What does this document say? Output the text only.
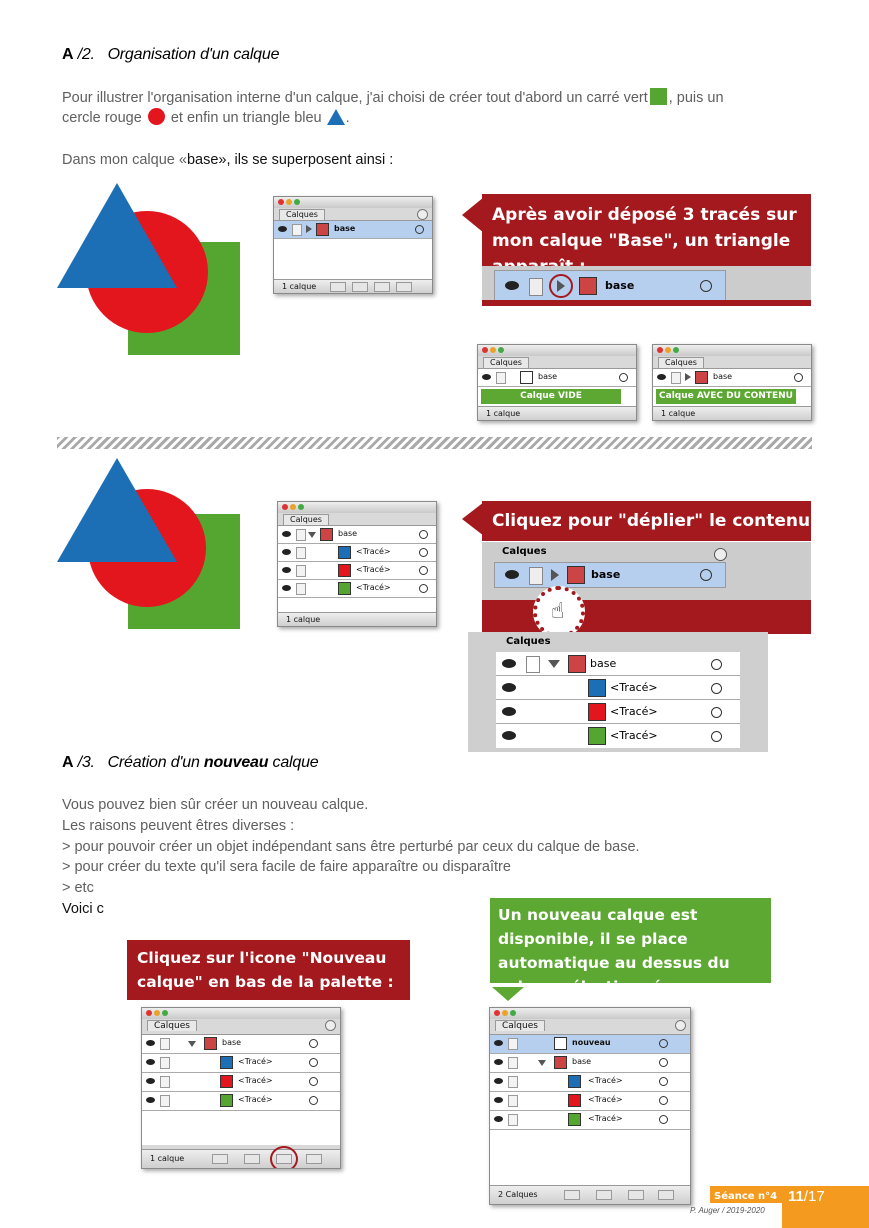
A /2. Organisation d'un calque
Pour illustrer l'organisation interne d'un calque, j'ai choisi de créer tout d'abord un carré vert , puis un
cercle rouge et enfin un triangle bleu .
Dans mon calque «base», ils se superposent ainsi :
Calques
base
1 calque
Après avoir déposé 3 tracés sur mon calque "Base", un triangle
base
Calques
base
Calque VIDE
1 calque
Calques
base
Calque AVEC DU CONTENU
1 calque
Calques
base
<Tracé>
<Tracé>
<Tracé>
1 calque
Cliquez pour "déplier" le contenu
Calques
base
☝
Calques
base
<Tracé>
<Tracé>
<Tracé>
A /3. Création d'un nouveau calque
Vous pouvez bien sûr créer un nouveau calque.
Les raisons peuvent êtres diverses :
> pour pouvoir créer un objet indépendant sans être perturbé par ceux du calque de base.
> pour créer du texte qu'il sera facile de faire apparaître ou disparaître
> etc
Voici c	Un nouveau calque est disponible, il se place automatique au dessus du calque sélectionné.
Cliquez sur l'icone "Nouveau calque" en bas de la palette :
Calques
base
<Tracé>
<Tracé>
<Tracé>
1 calque
Calques
nouveau
base
<Tracé>
<Tracé>
<Tracé>
2 Calques	Séance n°4 11/17
P. Auger / 2019-2020
